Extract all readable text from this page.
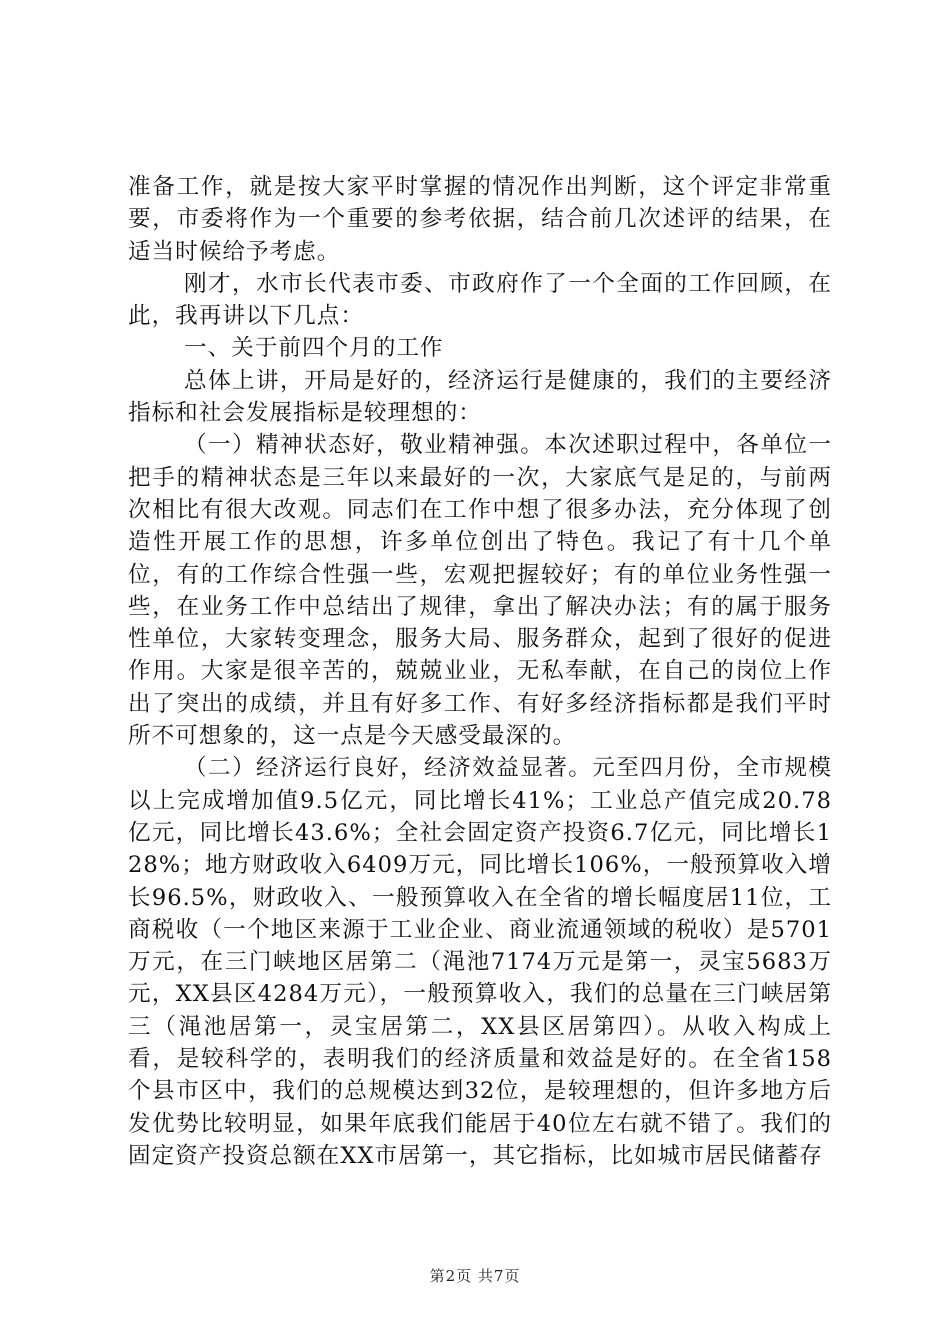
准备工作，就是按大家平时掌握的情况作出判断，这个评定非常重要，市委将作为一个重要的参考依据，结合前几次述评的结果，在适当时候给予考虑。

刚才，水市长代表市委、市政府作了一个全面的工作回顾，在此，我再讲以下几点：

一、关于前四个月的工作

总体上讲，开局是好的，经济运行是健康的，我们的主要经济指标和社会发展指标是较理想的：

（一）精神状态好，敬业精神强。本次述职过程中，各单位一把手的精神状态是三年以来最好的一次，大家底气是足的，与前两次相比有很大改观。同志们在工作中想了很多办法，充分体现了创造性开展工作的思想，许多单位创出了特色。我记了有十几个单位，有的工作综合性强一些，宏观把握较好；有的单位业务性强一些，在业务工作中总结出了规律，拿出了解决办法；有的属于服务性单位，大家转变理念，服务大局、服务群众，起到了很好的促进作用。大家是很辛苦的，兢兢业业，无私奉献，在自己的岗位上作出了突出的成绩，并且有好多工作、有好多经济指标都是我们平时所不可想象的，这一点是今天感受最深的。

（二）经济运行良好，经济效益显著。元至四月份，全市规模以上完成增加值9.5亿元，同比增长41%；工业总产值完成20.78亿元，同比增长43.6%；全社会固定资产投资6.7亿元，同比增长128%；地方财政收入6409万元，同比增长106%，一般预算收入增长96.5%，财政收入、一般预算收入在全省的增长幅度居11位，工商税收（一个地区来源于工业企业、商业流通领域的税收）是5701万元，在三门峡地区居第二（渑池7174万元是第一，灵宝5683万元，XX县区4284万元），一般预算收入，我们的总量在三门峡居第三（渑池居第一，灵宝居第二，XX县区居第四）。从收入构成上看，是较科学的，表明我们的经济质量和效益是好的。在全省158个县市区中，我们的总规模达到32位，是较理想的，但许多地方后发优势比较明显，如果年底我们能居于40位左右就不错了。我们的固定资产投资总额在XX市居第一，其它指标，比如城市居民储蓄存

第2页 共7页
